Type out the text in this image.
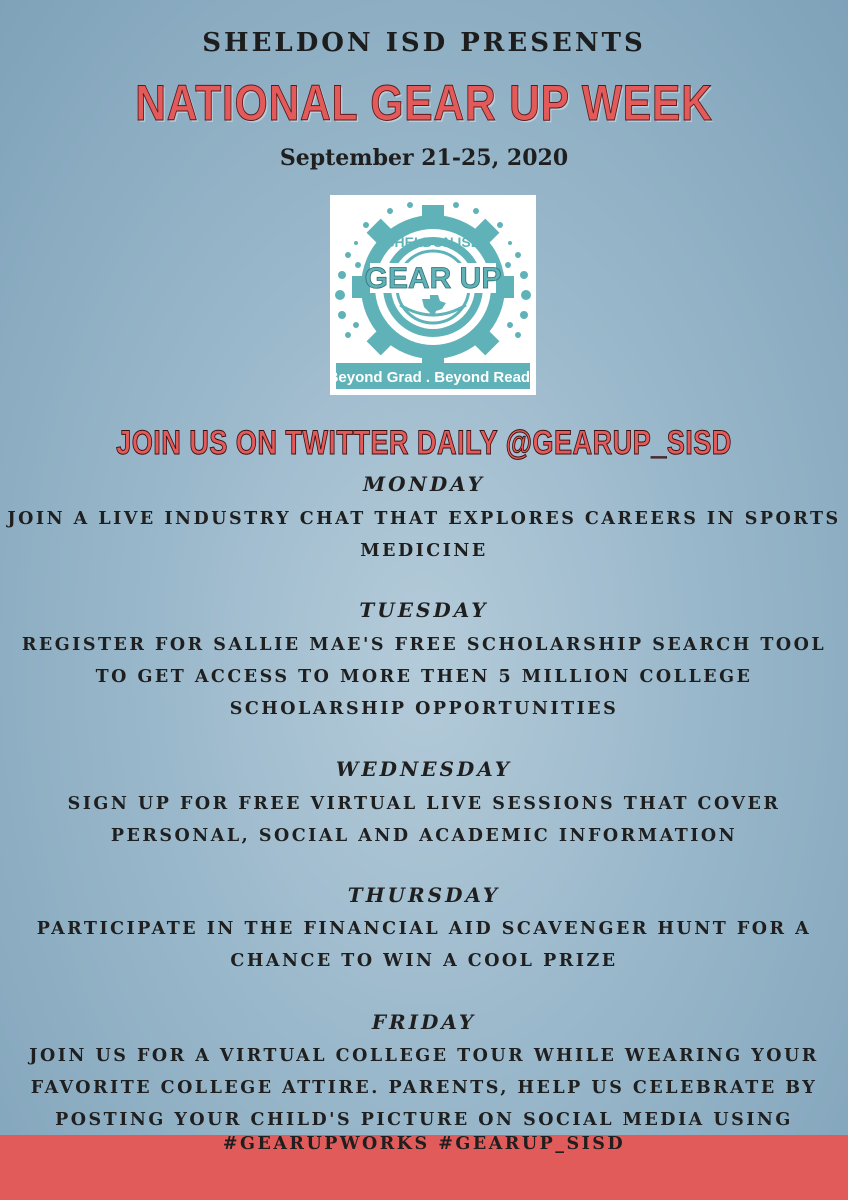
SHELDON ISD PRESENTS
NATIONAL GEAR UP WEEK
September 21-25, 2020
SHELDON ISD
GEAR UP
Beyond Grad . Beyond Ready
JOIN US ON TWITTER DAILY @GEARUP_SISD
MONDAY
JOIN A LIVE INDUSTRY CHAT THAT EXPLORES CAREERS IN SPORTS MEDICINE
TUESDAY
REGISTER FOR SALLIE MAE'S FREE SCHOLARSHIP SEARCH TOOL TO GET ACCESS TO MORE THEN 5 MILLION COLLEGE SCHOLARSHIP OPPORTUNITIES
WEDNESDAY
SIGN UP FOR FREE VIRTUAL LIVE SESSIONS THAT COVER PERSONAL, SOCIAL AND ACADEMIC INFORMATION
THURSDAY
PARTICIPATE IN THE FINANCIAL AID SCAVENGER HUNT FOR A CHANCE TO WIN A COOL PRIZE
FRIDAY
JOIN US FOR A VIRTUAL COLLEGE TOUR WHILE WEARING YOUR FAVORITE COLLEGE ATTIRE. PARENTS, HELP US CELEBRATE BY POSTING YOUR CHILD'S PICTURE ON SOCIAL MEDIA USING
#GEARUPWORKS #GEARUP_SISD
